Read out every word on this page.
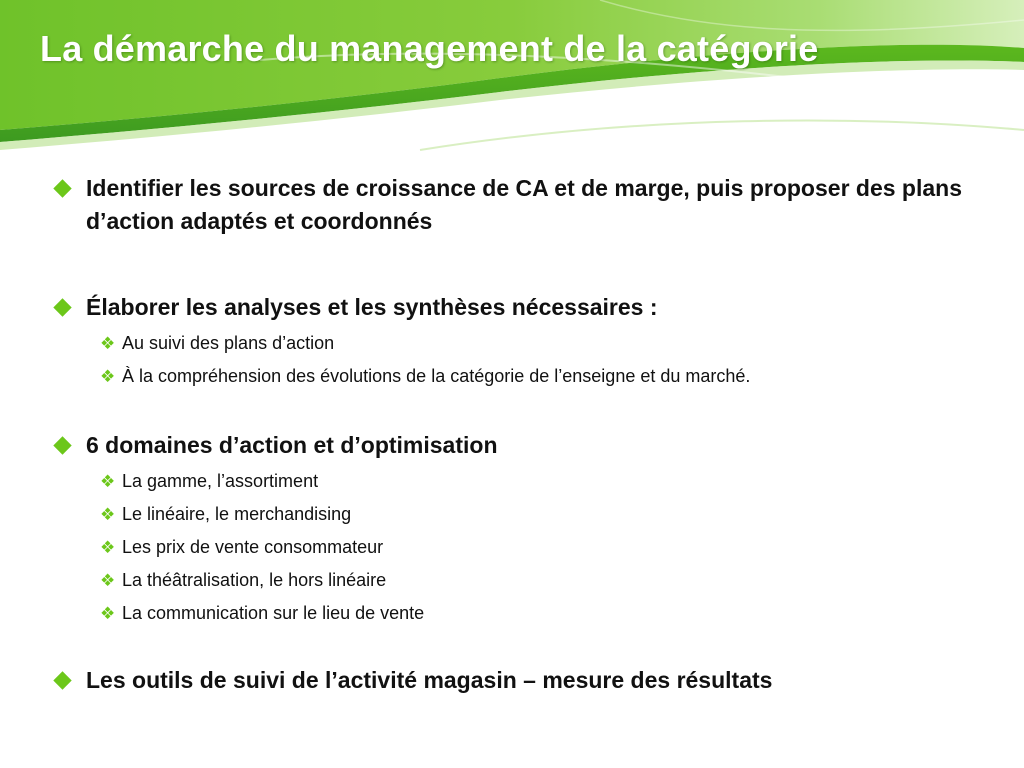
La démarche du management de la catégorie
Identifier les sources de croissance de CA et de marge, puis proposer des plans d’action adaptés et coordonnés
Élaborer les analyses et les synthèses nécessaires :
❖ Au suivi des plans d’action
❖ À la compréhension des évolutions de la catégorie de l’enseigne et du marché.
6 domaines d’action et d’optimisation
❖ La gamme, l’assortiment
❖ Le linéaire, le merchandising
❖ Les prix de vente consommateur
❖ La théâtralisation, le hors linéaire
❖ La communication sur le lieu de vente
Les outils de suivi de l’activité magasin – mesure des résultats
